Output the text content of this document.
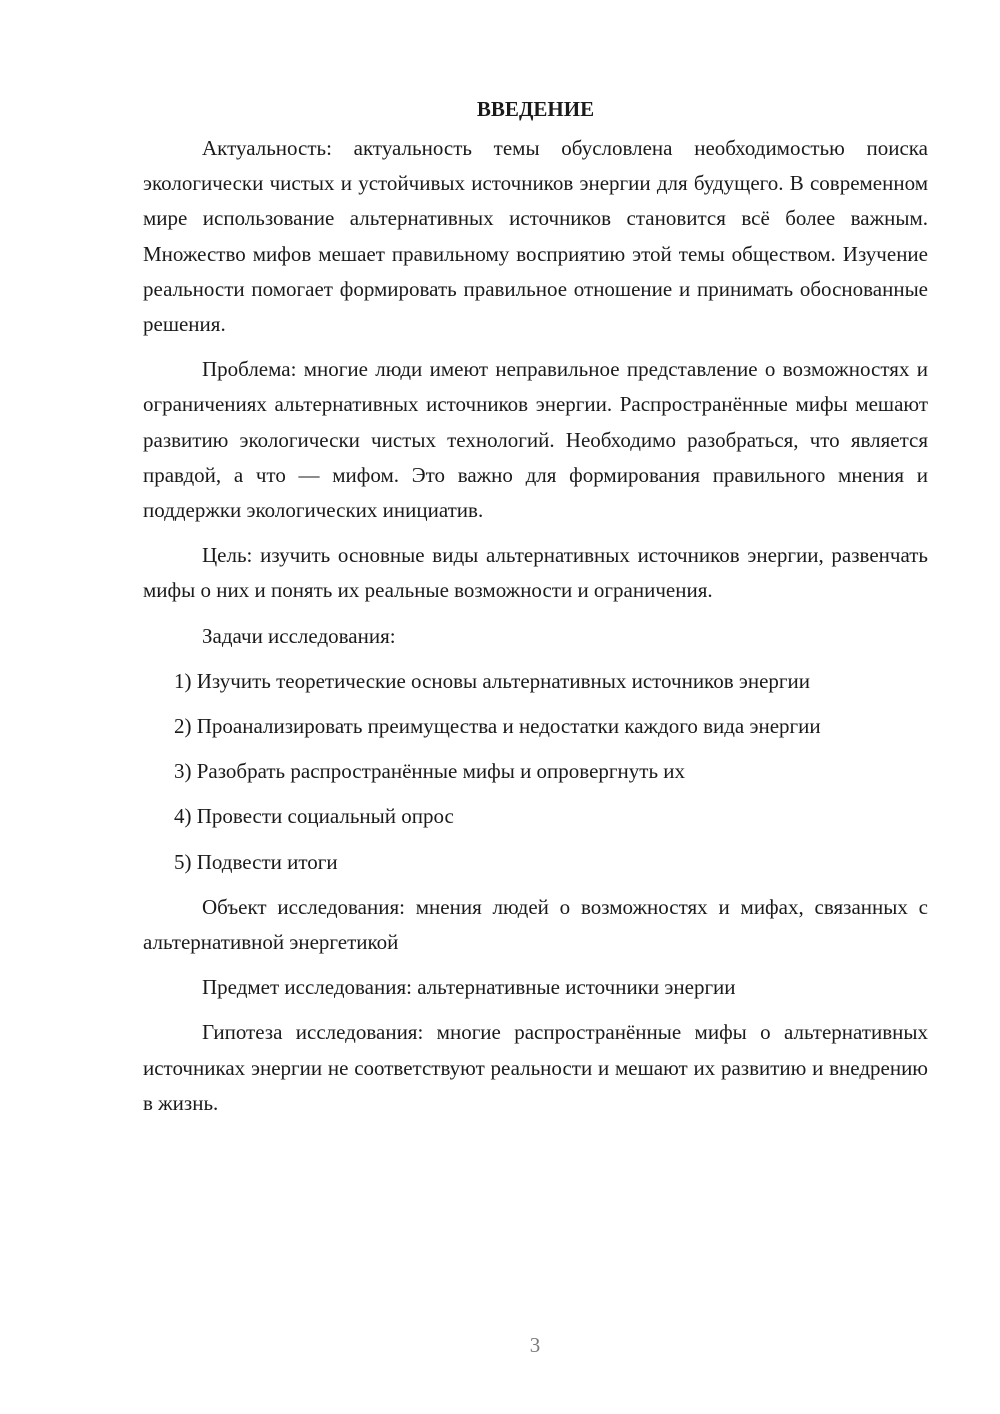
ВВЕДЕНИЕ

Актуальность: актуальность темы обусловлена необходимостью поиска экологически чистых и устойчивых источников энергии для будущего. В современном мире использование альтернативных источников становится всё более важным. Множество мифов мешает правильному восприятию этой темы обществом. Изучение реальности помогает формировать правильное отношение и принимать обоснованные решения.

Проблема: многие люди имеют неправильное представление о возможностях и ограничениях альтернативных источников энергии. Распространённые мифы мешают развитию экологически чистых технологий. Необходимо разобраться, что является правдой, а что — мифом. Это важно для формирования правильного мнения и поддержки экологических инициатив.

Цель: изучить основные виды альтернативных источников энергии, развенчать мифы о них и понять их реальные возможности и ограничения.

Задачи исследования:

1) Изучить теоретические основы альтернативных источников энергии

2) Проанализировать преимущества и недостатки каждого вида энергии

3) Разобрать распространённые мифы и опровергнуть их

4) Провести социальный опрос

5) Подвести итоги

Объект исследования: мнения людей о возможностях и мифах, связанных с альтернативной энергетикой

Предмет исследования: альтернативные источники энергии

Гипотеза исследования: многие распространённые мифы о альтернативных источниках энергии не соответствуют реальности и мешают их развитию и внедрению в жизнь.

3
